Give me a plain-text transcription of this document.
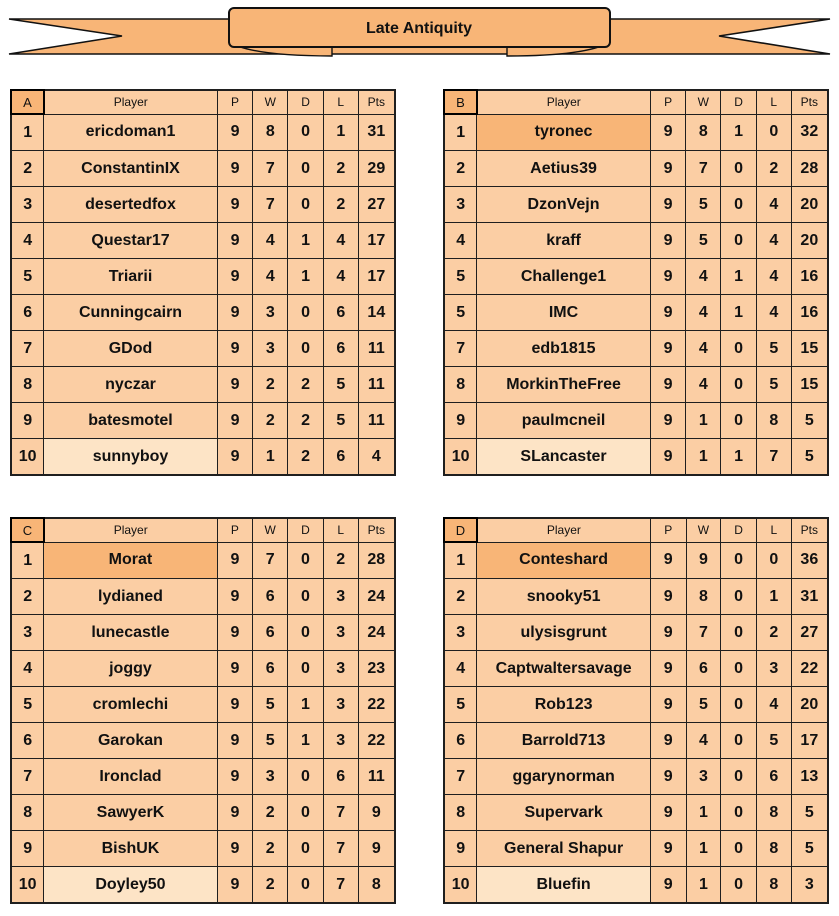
Late Antiquity
A	Player	P	W	D	L	Pts
1	ericdoman1	9	8	0	1	31
2	ConstantinIX	9	7	0	2	29
3	desertedfox	9	7	0	2	27
4	Questar17	9	4	1	4	17
5	Triarii	9	4	1	4	17
6	Cunningcairn	9	3	0	6	14
7	GDod	9	3	0	6	11
8	nyczar	9	2	2	5	11
9	batesmotel	9	2	2	5	11
10	sunnyboy	9	1	2	6	4
B	Player	P	W	D	L	Pts
1	tyronec	9	8	1	0	32
2	Aetius39	9	7	0	2	28
3	DzonVejn	9	5	0	4	20
4	kraff	9	5	0	4	20
5	Challenge1	9	4	1	4	16
5	IMC	9	4	1	4	16
7	edb1815	9	4	0	5	15
8	MorkinTheFree	9	4	0	5	15
9	paulmcneil	9	1	0	8	5
10	SLancaster	9	1	1	7	5
C	Player	P	W	D	L	Pts
1	Morat	9	7	0	2	28
2	lydianed	9	6	0	3	24
3	lunecastle	9	6	0	3	24
4	joggy	9	6	0	3	23
5	cromlechi	9	5	1	3	22
6	Garokan	9	5	1	3	22
7	Ironclad	9	3	0	6	11
8	SawyerK	9	2	0	7	9
9	BishUK	9	2	0	7	9
10	Doyley50	9	2	0	7	8
D	Player	P	W	D	L	Pts
1	Conteshard	9	9	0	0	36
2	snooky51	9	8	0	1	31
3	ulysisgrunt	9	7	0	2	27
4	Captwaltersavage	9	6	0	3	22
5	Rob123	9	5	0	4	20
6	Barrold713	9	4	0	5	17
7	ggarynorman	9	3	0	6	13
8	Supervark	9	1	0	8	5
9	General Shapur	9	1	0	8	5
10	Bluefin	9	1	0	8	3
